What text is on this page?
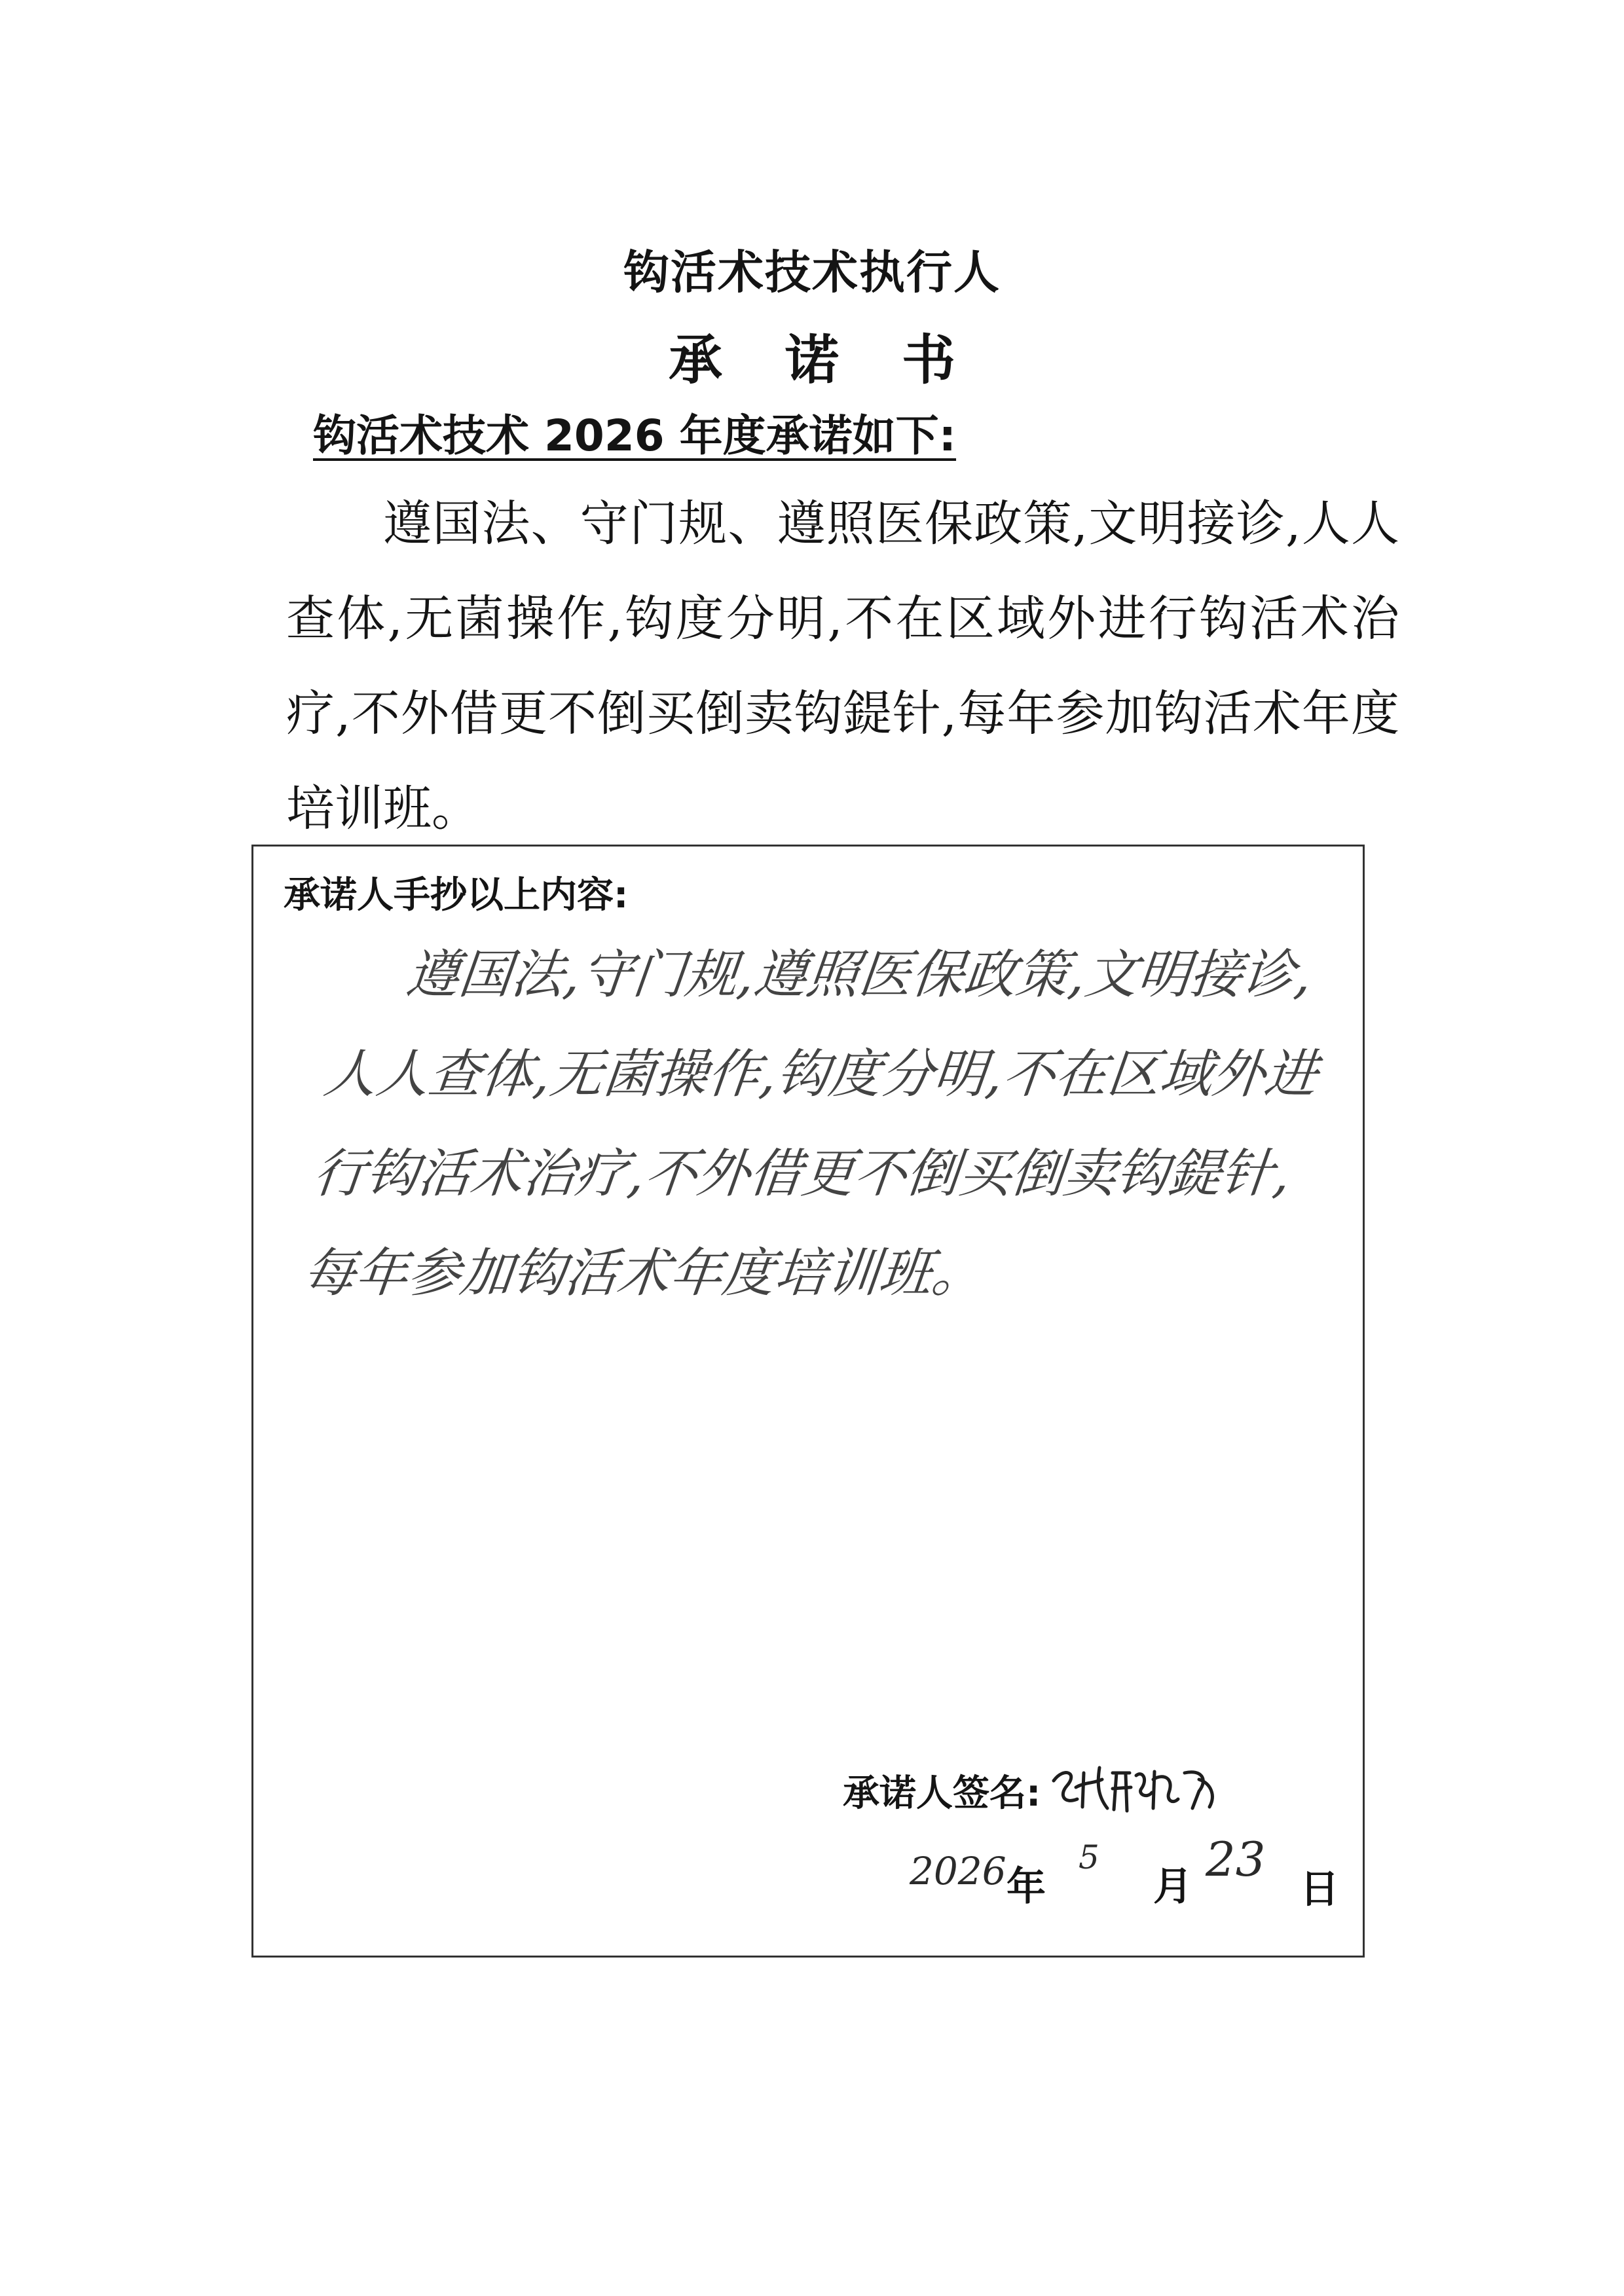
钩活术技术执行人
承诺书

钩活术技术 2026 年度承诺如下:

遵国法、守门规、遵照医保政策,文明接诊,人人查体,无菌操作,钩度分明,不在区域外进行钩活术治疗,不外借更不倒买倒卖钩鍉针,每年参加钩活术年度培训班。

承诺人手抄以上内容:

遵国法,守门规,遵照医保政策,文明接诊,人人查体,无菌操作,钩度分明,不在区域外进行钩活术治疗,不外借更不倒买倒卖钩鍉针,每年参加钩活术年度培训班。

承诺人签名:
2026 年
5
月 23
日
